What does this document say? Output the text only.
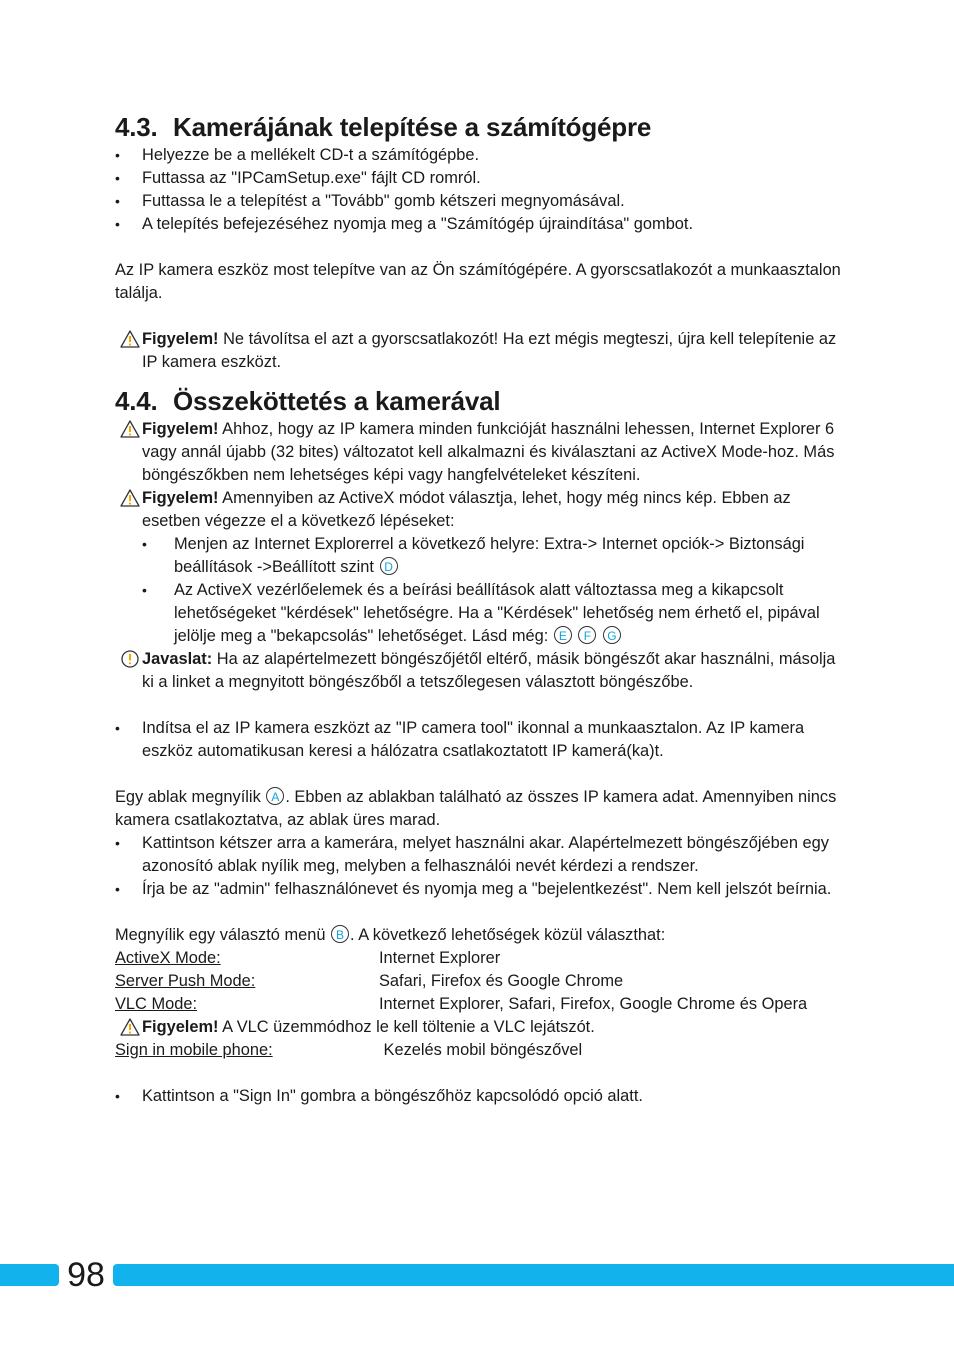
4.3. Kamerájának telepítése a számítógépre
• Helyezze be a mellékelt CD-t a számítógépbe.
• Futtassa az "IPCamSetup.exe" fájlt CD romról.
• Futtassa le a telepítést a "Tovább" gomb kétszeri megnyomásával.
• A telepítés befejezéséhez nyomja meg a "Számítógép újraindítása" gombot.

Az IP kamera eszköz most telepítve van az Ön számítógépére. A gyorscsatlakozót a munkaasztalon találja.

Figyelem! Ne távolítsa el azt a gyorscsatlakozót! Ha ezt mégis megteszi, újra kell telepítenie az IP kamera eszközt.
4.4. Összeköttetés a kamerával
Figyelem! Ahhoz, hogy az IP kamera minden funkcióját használni lehessen, Internet Explorer 6 vagy annál újabb (32 bites) változatot kell alkalmazni és kiválasztani az ActiveX Mode-hoz. Más böngészőkben nem lehetséges képi vagy hangfelvételeket készíteni.
Figyelem! Amennyiben az ActiveX módot választja, lehet, hogy még nincs kép. Ebben az esetben végezze el a következő lépéseket:
• Menjen az Internet Explorerrel a következő helyre: Extra-> Internet opciók-> Biztonsági beállítások ->Beállított szint D
• Az ActiveX vezérlőelemek és a beírási beállítások alatt változtassa meg a kikapcsolt lehetőségeket "kérdések" lehetőségre. Ha a "Kérdések" lehetőség nem érhető el, pipával jelölje meg a "bekapcsolás" lehetőséget. Lásd még: E F G
Javaslat: Ha az alapértelmezett böngészőjétől eltérő, másik böngészőt akar használni, másolja ki a linket a megnyitott böngészőből a tetszőlegesen választott böngészőbe.
• Indítsa el az IP kamera eszközt az "IP camera tool" ikonnal a munkaasztalon. Az IP kamera eszköz automatikusan keresi a hálózatra csatlakoztatott IP kamerá(ka)t.

Egy ablak megnyílik A . Ebben az ablakban található az összes IP kamera adat. Amennyiben nincs kamera csatlakoztatva, az ablak üres marad.

• Kattintson kétszer arra a kamerára, melyet használni akar. Alapértelmezett böngészőjében egy azonosító ablak nyílik meg, melyben a felhasználói nevét kérdezi a rendszer.
• Írja be az "admin" felhasználónevet és nyomja meg a "bejelentkezést". Nem kell jelszót beírnia.

Megnyílik egy választó menü B . A következő lehetőségek közül választhat:

ActiveX Mode:	Internet Explorer
Server Push Mode:	Safari, Firefox és Google Chrome
VLC Mode:	Internet Explorer, Safari, Firefox, Google Chrome és Opera
Figyelem! A VLC üzemmódhoz le kell töltenie a VLC lejátszót.
Sign in mobile phone:	Kezelés mobil böngészővel
• Kattintson a "Sign In" gombra a böngészőhöz kapcsolódó opció alatt.
98
